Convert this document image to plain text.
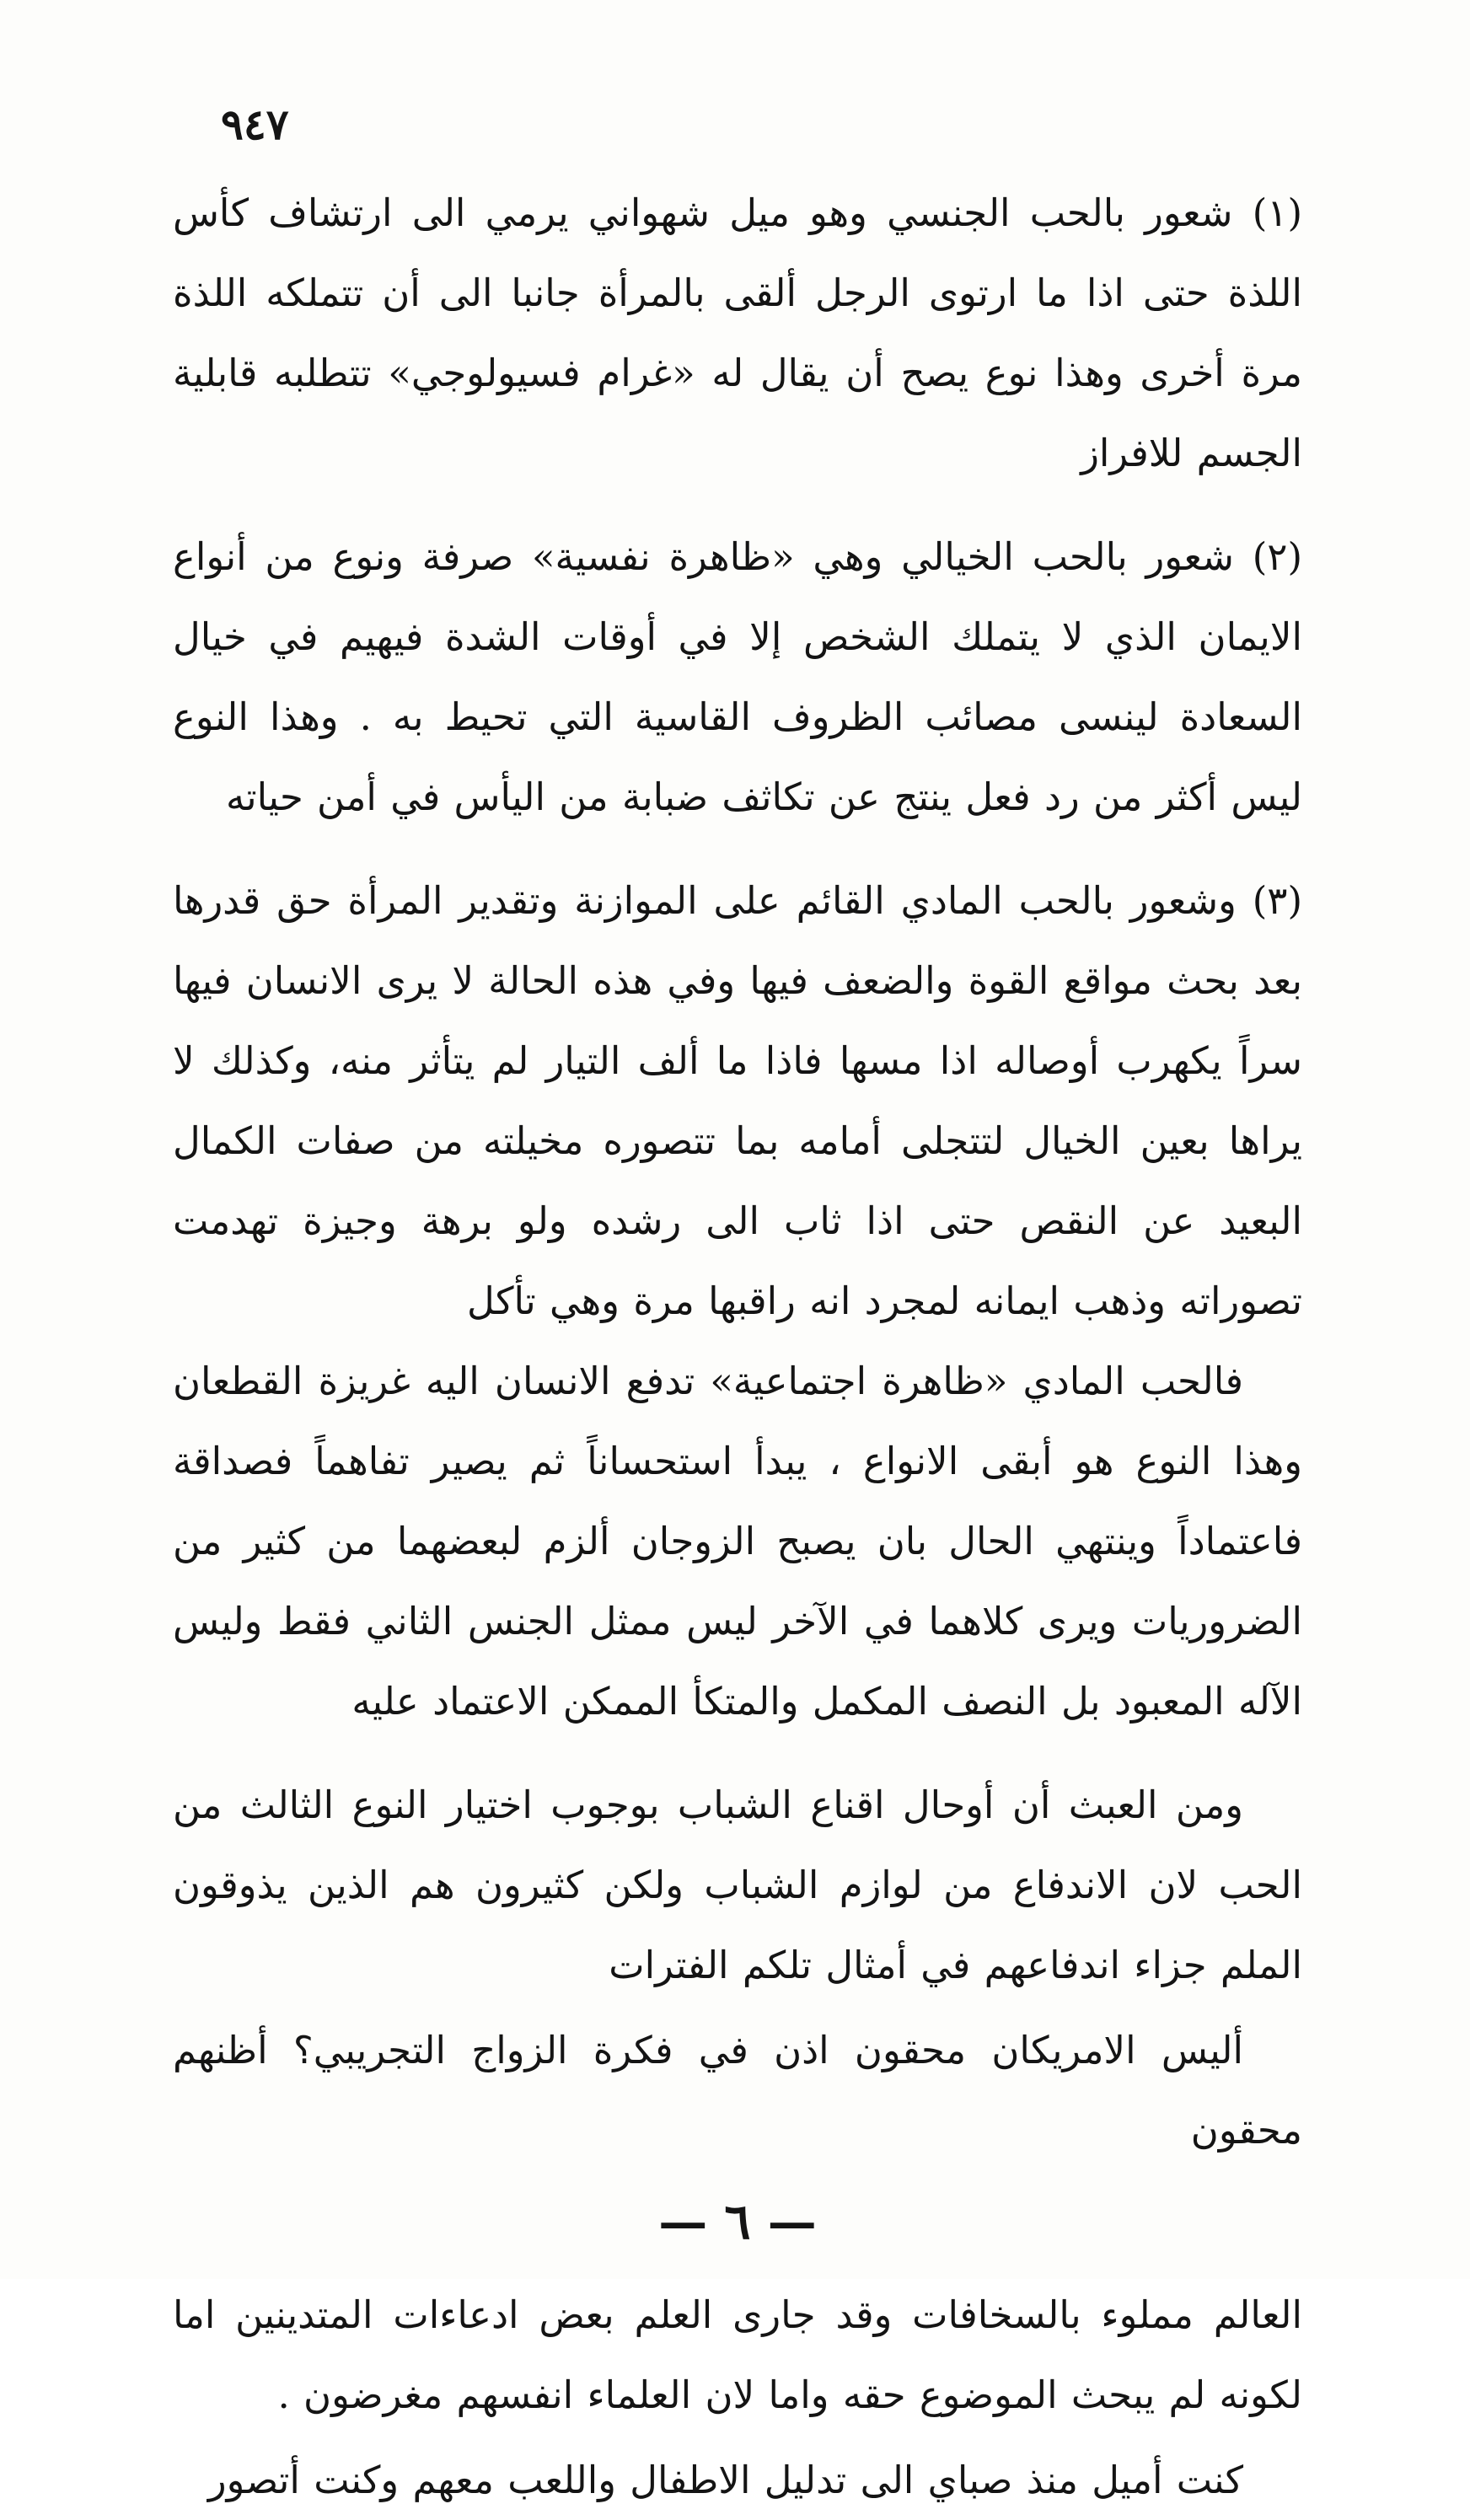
٩٤٧

(١) شعور بالحب الجنسي وهو ميل شهواني يرمي الى ارتشاف كأس اللذة حتى اذا ما ارتوى الرجل ألقى بالمرأة جانبا الى أن تتملكه اللذة مرة أخرى وهذا نوع يصح أن يقال له «غرام فسيولوجي» تتطلبه قابلية الجسم للافراز

(٢) شعور بالحب الخيالي وهي «ظاهرة نفسية» صرفة ونوع من أنواع الايمان الذي لا يتملك الشخص إلا في أوقات الشدة فيهيم في خيال السعادة لينسى مصائب الظروف القاسية التي تحيط به . وهذا النوع ليس أكثر من رد فعل ينتج عن تكاثف ضبابة من اليأس في أمن حياته

(٣) وشعور بالحب المادي القائم على الموازنة وتقدير المرأة حق قدرها بعد بحث مواقع القوة والضعف فيها وفي هذه الحالة لا يرى الانسان فيها سراً يكهرب أوصاله اذا مسها فاذا ما ألف التيار لم يتأثر منه، وكذلك لا يراها بعين الخيال لتتجلى أمامه بما تتصوره مخيلته من صفات الكمال البعيد عن النقص حتى اذا ثاب الى رشده ولو برهة وجيزة تهدمت تصوراته وذهب ايمانه لمجرد انه راقبها مرة وهي تأكل

فالحب المادي «ظاهرة اجتماعية» تدفع الانسان اليه غريزة القطعان وهذا النوع هو أبقى الانواع ، يبدأ استحساناً ثم يصير تفاهماً فصداقة فاعتماداً وينتهي الحال بان يصبح الزوجان ألزم لبعضهما من كثير من الضروريات ويرى كلاهما في الآخر ليس ممثل الجنس الثاني فقط وليس الآله المعبود بل النصف المكمل والمتكأ الممكن الاعتماد عليه

ومن العبث أن أوحال اقناع الشباب بوجوب اختيار النوع الثالث من الحب لان الاندفاع من لوازم الشباب ولكن كثيرون هم الذين يذوقون الملم جزاء اندفاعهم في أمثال تلكم الفترات

أليس الامريكان محقون اذن في فكرة الزواج التجريبي؟ أظنهم محقون

— ٦ —

العالم مملوء بالسخافات وقد جارى العلم بعض ادعاءات المتدينين اما لكونه لم يبحث الموضوع حقه واما لان العلماء انفسهم مغرضون .

كنت أميل منذ صباي الى تدليل الاطفال واللعب معهم وكنت أتصور
